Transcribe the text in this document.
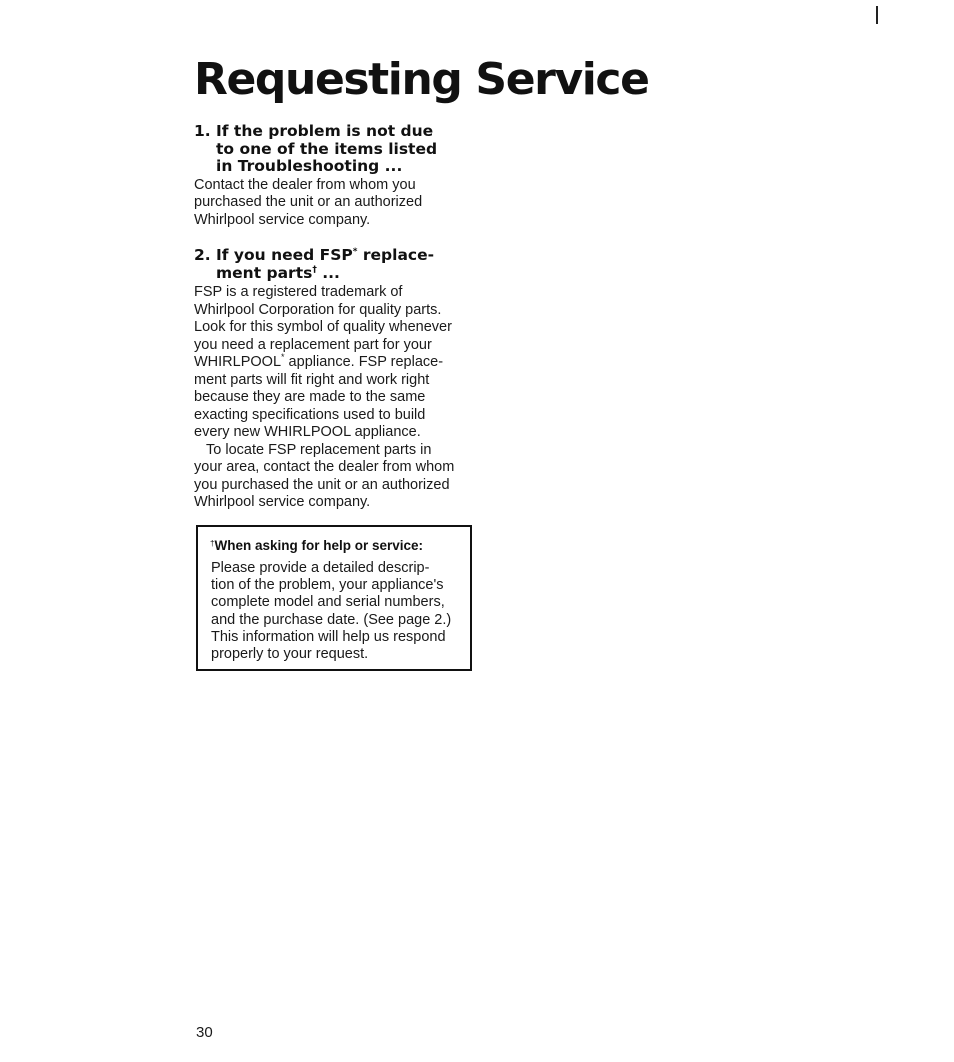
Requesting Service
1. If the problem is not due
to one of the items listed
in Troubleshooting ...

Contact the dealer from whom you
purchased the unit or an authorized
Whirlpool service company.

2. If you need FSP* replace-
ment parts† ...

FSP is a registered trademark of
Whirlpool Corporation for quality parts.
Look for this symbol of quality whenever
you need a replacement part for your
WHIRLPOOL* appliance. FSP replace-
ment parts will fit right and work right
because they are made to the same
exacting specifications used to build
every new WHIRLPOOL appliance.
To locate FSP replacement parts in
your area, contact the dealer from whom
you purchased the unit or an authorized
Whirlpool service company.

†When asking for help or service:

Please provide a detailed descrip-
tion of the problem, your appliance's
complete model and serial numbers,
and the purchase date. (See page 2.)
This information will help us respond
properly to your request.

30
